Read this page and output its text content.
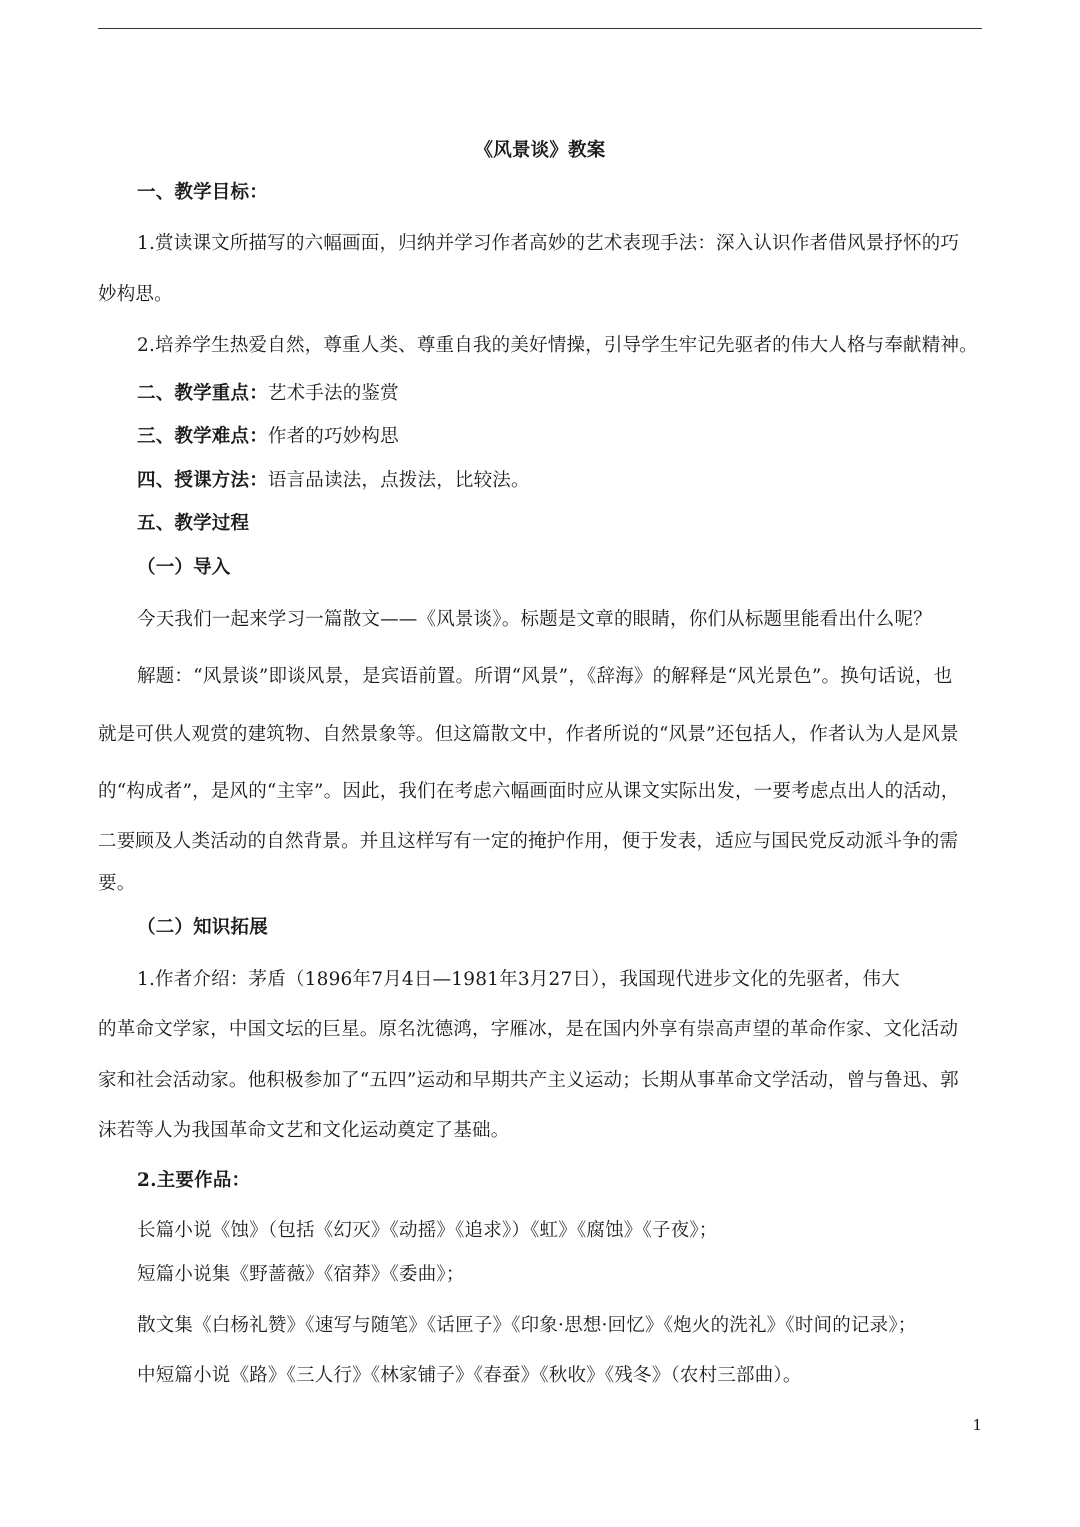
《风景谈》教案
一、教学目标：
1.赏读课文所描写的六幅画面，归纳并学习作者高妙的艺术表现手法：深入认识作者借风景抒怀的巧
妙构思。
2.培养学生热爱自然，尊重人类、尊重自我的美好情操，引导学生牢记先驱者的伟大人格与奉献精神。
二、教学重点：艺术手法的鉴赏
三、教学难点：作者的巧妙构思
四、授课方法：语言品读法，点拨法，比较法。
五、教学过程
（一）导入
今天我们一起来学习一篇散文——《风景谈》。标题是文章的眼睛，你们从标题里能看出什么呢？
解题：“风景谈”即谈风景，是宾语前置。所谓“风景”，《辞海》的解释是“风光景色”。换句话说，也
就是可供人观赏的建筑物、自然景象等。但这篇散文中，作者所说的“风景”还包括人，作者认为人是风景
的“构成者”，是风的“主宰”。因此，我们在考虑六幅画面时应从课文实际出发，一要考虑点出人的活动，
二要顾及人类活动的自然背景。并且这样写有一定的掩护作用，便于发表，适应与国民党反动派斗争的需
要。
（二）知识拓展
1.作者介绍：茅盾（1896年7月4日—1981年3月27日），我国现代进步文化的先驱者，伟大
的革命文学家，中国文坛的巨星。原名沈德鸿，字雁冰，是在国内外享有崇高声望的革命作家、文化活动
家和社会活动家。他积极参加了“五四”运动和早期共产主义运动；长期从事革命文学活动，曾与鲁迅、郭
沫若等人为我国革命文艺和文化运动奠定了基础。
2.主要作品：
长篇小说《蚀》（包括《幻灭》《动摇》《追求》）《虹》《腐蚀》《子夜》；
短篇小说集《野蔷薇》《宿莽》《委曲》；
散文集《白杨礼赞》《速写与随笔》《话匣子》《印象·思想·回忆》《炮火的洗礼》《时间的记录》；
中短篇小说《路》《三人行》《林家铺子》《春蚕》《秋收》《残冬》（农村三部曲）。
1
